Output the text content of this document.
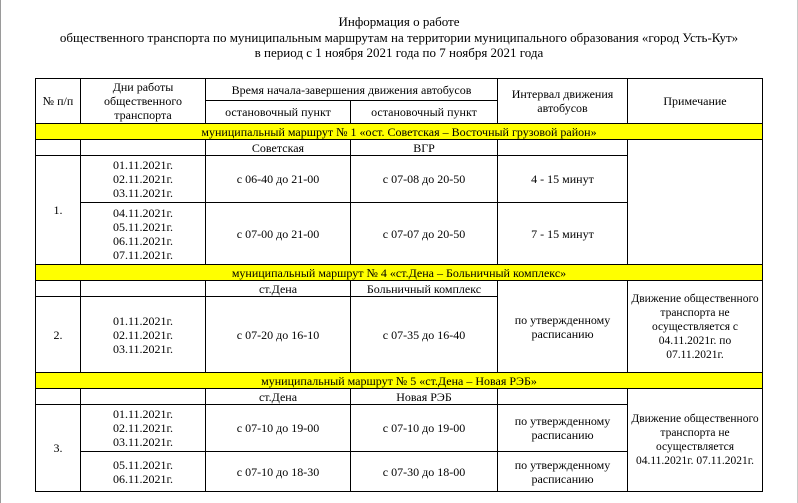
Информация о работе
общественного транспорта по муниципальным маршрутам на территории муниципального образования «город Усть-Кут»
в период с 1 ноября 2021 года по 7 ноября 2021 года
№ п/п	Дни работы общественного транспорта	Время начала-завершения движения автобусов		Интервал движения автобусов	Примечание
		остановочный пункт	остановочный пункт		
муниципальный маршрут № 1 «ост. Советская – Восточный грузовой район»					
		Советская	ВГР		
1.	01.11.2021г.
02.11.2021г.
03.11.2021г.	с 06-40 до 21-00	с 07-08 до 20-50	4 - 15 минут	

	04.11.2021г.
05.11.2021г.
06.11.2021г.
07.11.2021г.	с 07-00 до 21-00	с 07-07 до 20-50	7 - 15 минут	
муниципальный маршрут № 4 «ст.Дена – Больничный комплекс»					
		ст.Дена	Больничный комплекс	по утвержденному расписанию	Движение общественного транспорта не осуществляется с 04.11.2021г. по 07.11.2021г.
2.	01.11.2021г.
02.11.2021г.
03.11.2021г.	с 07-20 до 16-10	с 07-35 до 16-40		
муниципальный маршрут № 5 «ст.Дена – Новая РЭБ»					
		ст.Дена	Новая РЭБ		Движение общественного транспорта не осуществляется 04.11.2021г. 07.11.2021г.
3.	01.11.2021г.
02.11.2021г.
03.11.2021г.	с 07-10 до 19-00	с 07-10 до 19-00	по утвержденному расписанию	

	05.11.2021г.
06.11.2021г.	с 07-10 до 18-30	с 07-30 до 18-00	по утвержденному расписанию	
